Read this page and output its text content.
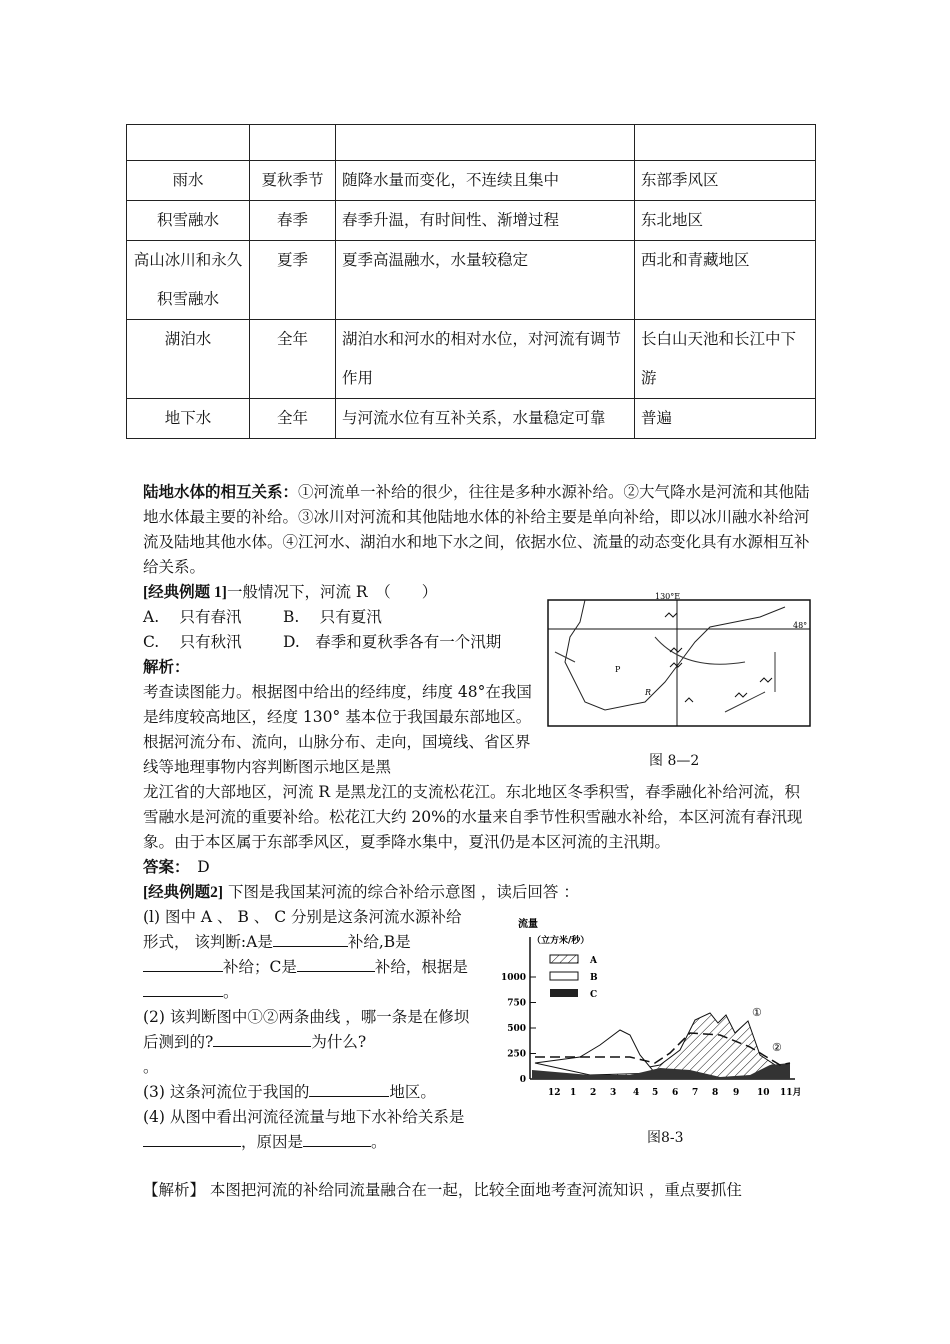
雨水	夏秋季节	随降水量而变化，不连续且集中	东部季风区
积雪融水	春季	春季升温，有时间性、渐增过程	东北地区
高山冰川和永久积雪融水	夏季	夏季高温融水，水量较稳定	西北和青藏地区
湖泊水	全年	湖泊水和河水的相对水位，对河流有调节作用	长白山天池和长江中下游
地下水	全年	与河流水位有互补关系，水量稳定可靠	普遍
陆地水体的相互关系：①河流单一补给的很少，往往是多种水源补给。②大气降水是河流和其他陆地水体最主要的补给。③冰川对河流和其他陆地水体的补给主要是单向补给，即以冰川融水补给河流及陆地其他水体。④江河水、湖泊水和地下水之间，依据水位、流量的动态变化具有水源相互补给关系。
[经典例题 1]一般情况下，河流 R　（　　）
A.　 只有春汛	B.　 只有夏汛
C.　 只有秋汛	D.　春季和夏秋季各有一个汛期
解析：
考查读图能力。根据图中给出的经纬度，纬度 48°在我国是纬度较高地区，经度 130° 基本位于我国最东部地区。根据河流分布、流向，山脉分布、走向，国境线、省区界线等地理事物内容判断图示地区是黑
龙江省的大部地区，河流 R 是黑龙江的支流松花江。东北地区冬季积雪，春季融化补给河流，积雪融水是河流的重要补给。松花江大约 20%的水量来自季节性积雪融水补给，本区河流有春汛现象。由于本区属于东部季风区，夏季降水集中，夏汛仍是本区河流的主汛期。
答案：　 D
P
R
130°E
48°
图 8—2
[经典例题2] 下图是我国某河流的综合补给示意图 ，读后回答 ：
(l) 图中 A 、 B 、 C 分别是这条河流水源补给形式， 该判断:A是	补给,B是补给；C是	补给，根据是。
(2) 该判断图中①②两条曲线 ，哪一条是在修坝后测到的?	为什么?
。
(3) 这条河流位于我国的	地区。
(4) 从图中看出河流径流量与地下水补给关系是，原因是	。
流量
（立方米/秒）
1000
750
500
250
0
12 1 2 3 4 5 6 7 8 9 10 11月
A
B
C
①
②
图8-3
【解析】 本图把河流的补给同流量融合在一起，比较全面地考查河流知识 ，重点要抓住
